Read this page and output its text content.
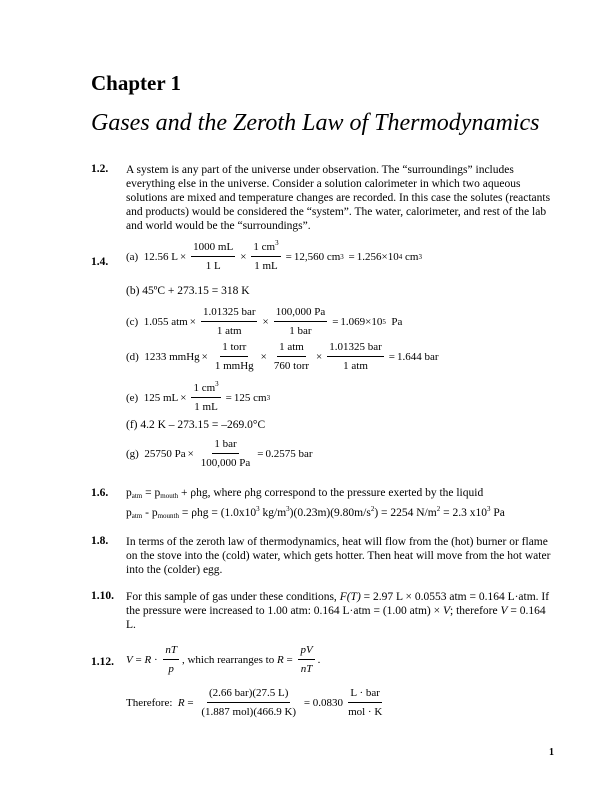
Chapter 1
Gases and the Zeroth Law of Thermodynamics
1.2. A system is any part of the universe under observation. The “surroundings” includes everything else in the universe. Consider a solution calorimeter in which two aqueous solutions are mixed and temperature changes are recorded. In this case the solutes (reactants and products) would be considered the “system”. The water, calorimeter, and rest of the lab and world would be the “surroundings”.
1.4. (a)
12.56 $L \times \frac{1000 mL}{1 L} \times \frac{1 cm^3}{1 mL} = 12,560$ cm 3 = 1.256×10 4
cm 3
(b) 45ºC + 273.15 = 318 K
(c)
1.055 atm × $\frac{\text{1.01325 bar}}{\text{1 atm}} \times \frac{100,000 Pa}{\text{1 bar}} = 1.069\times 10$ 5
Pa
(d)
1233 mmHg × $\frac{\text{1 torr}}{\text{1 mmHg}} \times \frac{\text{1 atm}}{\text{760 torr}} \times \frac{\text{1.01325 bar}}{\text{1 atm}} = 1.644$ bar
(e)
125 mL × $\frac{1 cm^3}{1 mL} = 125$ cm 3
(f) 4.2 K – 273.15 = –269.0°C
(g)
25750 $Pa \times \frac{\text{1 bar}}{100,000 Pa} = 0.2575$ bar
1.6. $p_{atm} = p_{mouth} + \rho hg$, where ρhg correspond to the pressure exerted by the liquid
$p_{atm} - p_{mounth} = \rho hg = (1.0x10^3$ $kg/m^3)(0.23m)(9.80m/s^2) = 2254$ $N/m^2 = 2.3$ $x10^3$ Pa
1.8. In terms of the zeroth law of thermodynamics, heat will flow from the (hot) burner or flame on the stove into the (cold) water, which gets hotter. Then heat will move from the hot water into the (colder) egg.
1.10. For this sample of gas under these conditions, F(T) = 2.97 L × 0.0553 atm = 0.164 L·atm. If the pressure were increased to 1.00 atm: 0.164 L·atm = (1.00 atm) × V; therefore V = 0.164 L.
1.12. $V = R \cdot \frac{nT}{p}$ , which rearranges to $R = \frac{pV}{nT}$ .
Therefore:
$R = \frac{\text{(2.66 bar)(27.5 L)}}{\text{(1.887 mol)(466.9 K)}} = 0.0830 \frac{\text{L · bar}}{\text{mol · K}}$
1
